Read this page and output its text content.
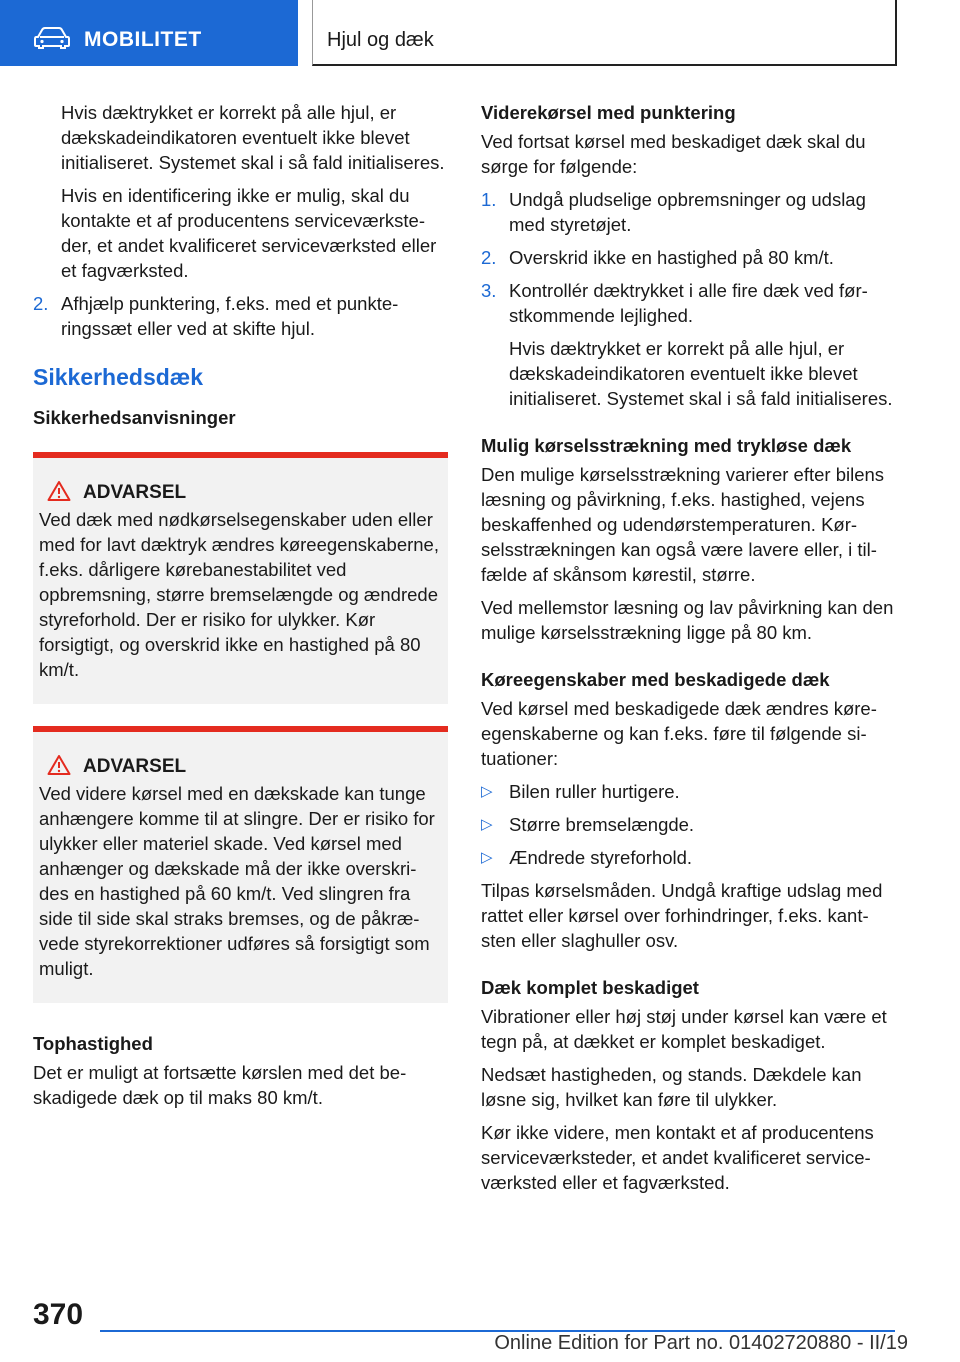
MOBILITET	Hjul og dæk

Hvis dæktrykket er korrekt på alle hjul, er dækskadeindikatoren eventuelt ikke blevet initialiseret. Systemet skal i så fald initialiseres.

Hvis en identificering ikke er mulig, skal du kontakte et af producentens serviceværksteder, et andet kvalificeret serviceværksted eller et fagværksted.

2. Afhjælp punktering, f.eks. med et punkteringssæt eller ved at skifte hjul.
Sikkerhedsdæk
Sikkerhedsanvisninger
ADVARSEL

Ved dæk med nødkørselsegenskaber uden eller med for lavt dæktryk ændres køreegenskaberne, f.eks. dårligere kørebanestabilitet ved opbremsning, større bremselængde og ændrede styreforhold. Der er risiko for ulykker. Kør forsigtigt, og overskrid ikke en hastighed på 80 km/t.

ADVARSEL

Ved videre kørsel med en dækskade kan tunge anhængere komme til at slingre. Der er risiko for ulykker eller materiel skade. Ved kørsel med anhænger og dækskade må der ikke overskrides en hastighed på 60 km/t. Ved slingren fra side til side skal straks bremses, og de påkrævede styrekorrektioner udføres så forsigtigt som muligt.

Tophastighed

Det er muligt at fortsætte kørslen med det beskadigede dæk op til maks 80 km/t.

Viderekørsel med punktering

Ved fortsat kørsel med beskadiget dæk skal du sørge for følgende:

1. Undgå pludselige opbremsninger og udslag med styretøjet.
2. Overskrid ikke en hastighed på 80 km/t.
3. Kontrollér dæktrykket i alle fire dæk ved førstkommende lejlighed.

Hvis dæktrykket er korrekt på alle hjul, er dækskadeindikatoren eventuelt ikke blevet initialiseret. Systemet skal i så fald initialiseres.

Mulig kørselsstrækning med trykløse dæk

Den mulige kørselsstrækning varierer efter bilens læsning og påvirkning, f.eks. hastighed, vejens beskaffenhed og udendørstemperaturen. Kørselsstrækningen kan også være lavere eller, i tilfælde af skånsom kørestil, større.

Ved mellemstor læsning og lav påvirkning kan den mulige kørselsstrækning ligge på 80 km.

Køreegenskaber med beskadigede dæk

Ved kørsel med beskadigede dæk ændres køreegenskaberne og kan f.eks. føre til følgende situationer:

▷ Bilen ruller hurtigere.
▷ Større bremselængde.
▷ Ændrede styreforhold.

Tilpas kørselsmåden. Undgå kraftige udslag med rattet eller kørsel over forhindringer, f.eks. kantsten eller slaghuller osv.

Dæk komplet beskadiget

Vibrationer eller høj støj under kørsel kan være et tegn på, at dækket er komplet beskadiget.

Nedsæt hastigheden, og stands. Dækdele kan løsne sig, hvilket kan føre til ulykker.

Kør ikke videre, men kontakt et af producentens serviceværksteder, et andet kvalificeret serviceværksted eller et fagværksted.

370
Online Edition for Part no. 01402720880 - II/19
